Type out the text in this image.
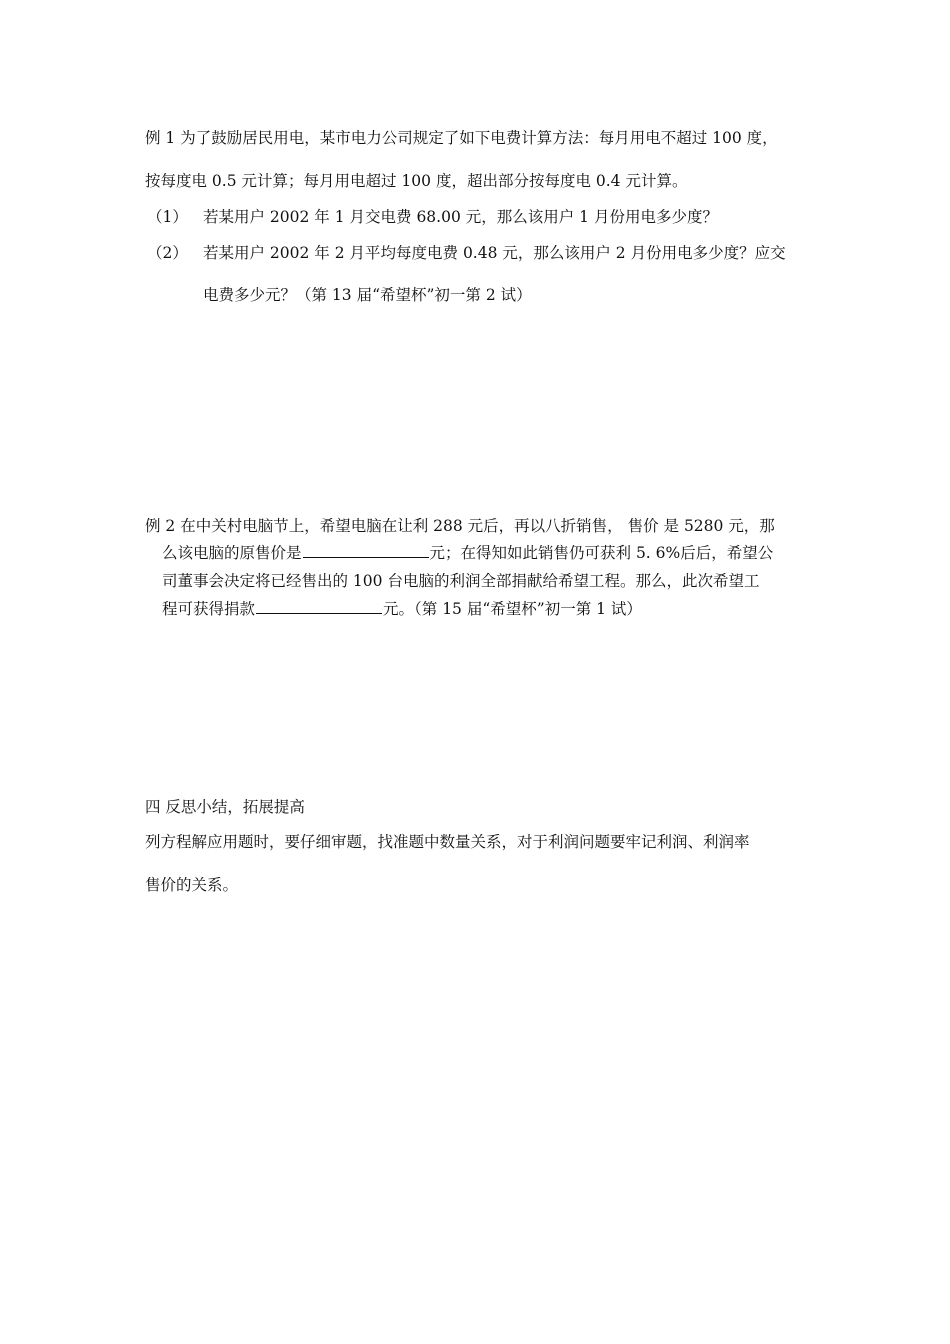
例 1 为了鼓励居民用电，某市电力公司规定了如下电费计算方法：每月用电不超过 100 度，
按每度电 0.5 元计算；每月用电超过 100 度，超出部分按每度电 0.4 元计算。
（1） 若某用户 2002 年 1 月交电费 68.00 元，那么该用户 1 月份用电多少度？
（2） 若某用户 2002 年 2 月平均每度电费 0.48 元，那么该用户 2 月份用电多少度？应交
电费多少元？（第 13 届“希望杯”初一第 2 试）
例 2 在中关村电脑节上，希望电脑在让利 288 元后，再以八折销售， 售价 是 5280 元，那
么该电脑的原售价是	元；在得知如此销售仍可获利 5. 6%后后，希望公
司董事会决定将已经售出的 100 台电脑的利润全部捐献给希望工程。那么，此次希望工
程可获得捐款	元。（第 15 届“希望杯”初一第 1 试）
四 反思小结，拓展提高
列方程解应用题时，要仔细审题，找准题中数量关系，对于利润问题要牢记利润、利润率
售价的关系。
